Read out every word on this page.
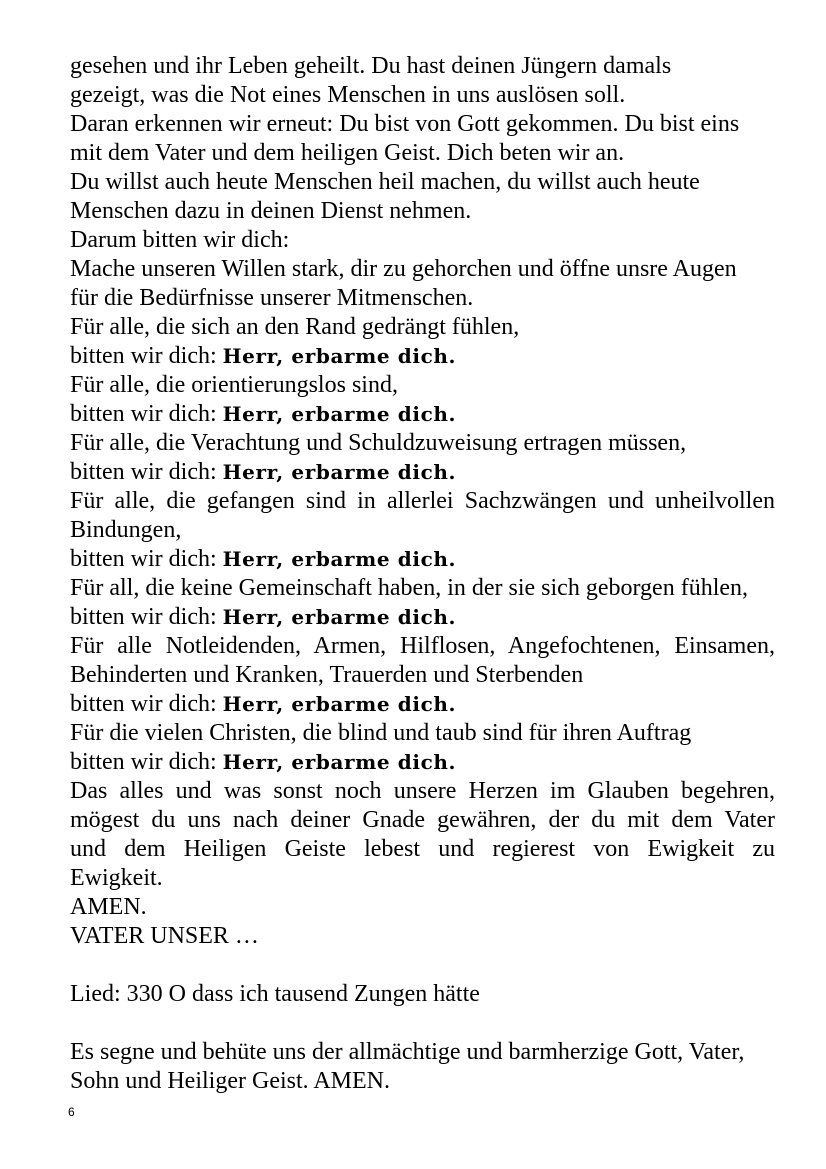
gesehen und ihr Leben geheilt. Du hast deinen Jüngern damals

gezeigt, was die Not eines Menschen in uns auslösen soll.

Daran erkennen wir erneut: Du bist von Gott gekommen. Du bist eins

mit dem Vater und dem heiligen Geist. Dich beten wir an.

Du willst auch heute Menschen heil machen, du willst auch heute

Menschen dazu in deinen Dienst nehmen.

Darum bitten wir dich:

Mache unseren Willen stark, dir zu gehorchen und öffne unsre Augen

für die Bedürfnisse unserer Mitmenschen.

Für alle, die sich an den Rand gedrängt fühlen,

bitten wir dich: Herr, erbarme dich.

Für alle, die orientierungslos sind,

bitten wir dich: Herr, erbarme dich.

Für alle, die Verachtung und Schuldzuweisung ertragen müssen,

bitten wir dich: Herr, erbarme dich.

Für alle, die gefangen sind in allerlei Sachzwängen und unheilvollen

Bindungen,

bitten wir dich: Herr, erbarme dich.

Für all, die keine Gemeinschaft haben, in der sie sich geborgen fühlen,

bitten wir dich: Herr, erbarme dich.

Für alle Notleidenden, Armen, Hilflosen, Angefochtenen, Einsamen,

Behinderten und Kranken, Trauerden und Sterbenden

bitten wir dich: Herr, erbarme dich.

Für die vielen Christen, die blind und taub sind für ihren Auftrag

bitten wir dich: Herr, erbarme dich.

Das alles und was sonst noch unsere Herzen im Glauben begehren,

mögest du uns nach deiner Gnade gewähren, der du mit dem Vater

und dem Heiligen Geiste lebest und regierest von Ewigkeit zu

Ewigkeit.

AMEN.

VATER UNSER …

Lied: 330 O dass ich tausend Zungen hätte

Es segne und behüte uns der allmächtige und barmherzige Gott, Vater,

Sohn und Heiliger Geist. AMEN.

6
